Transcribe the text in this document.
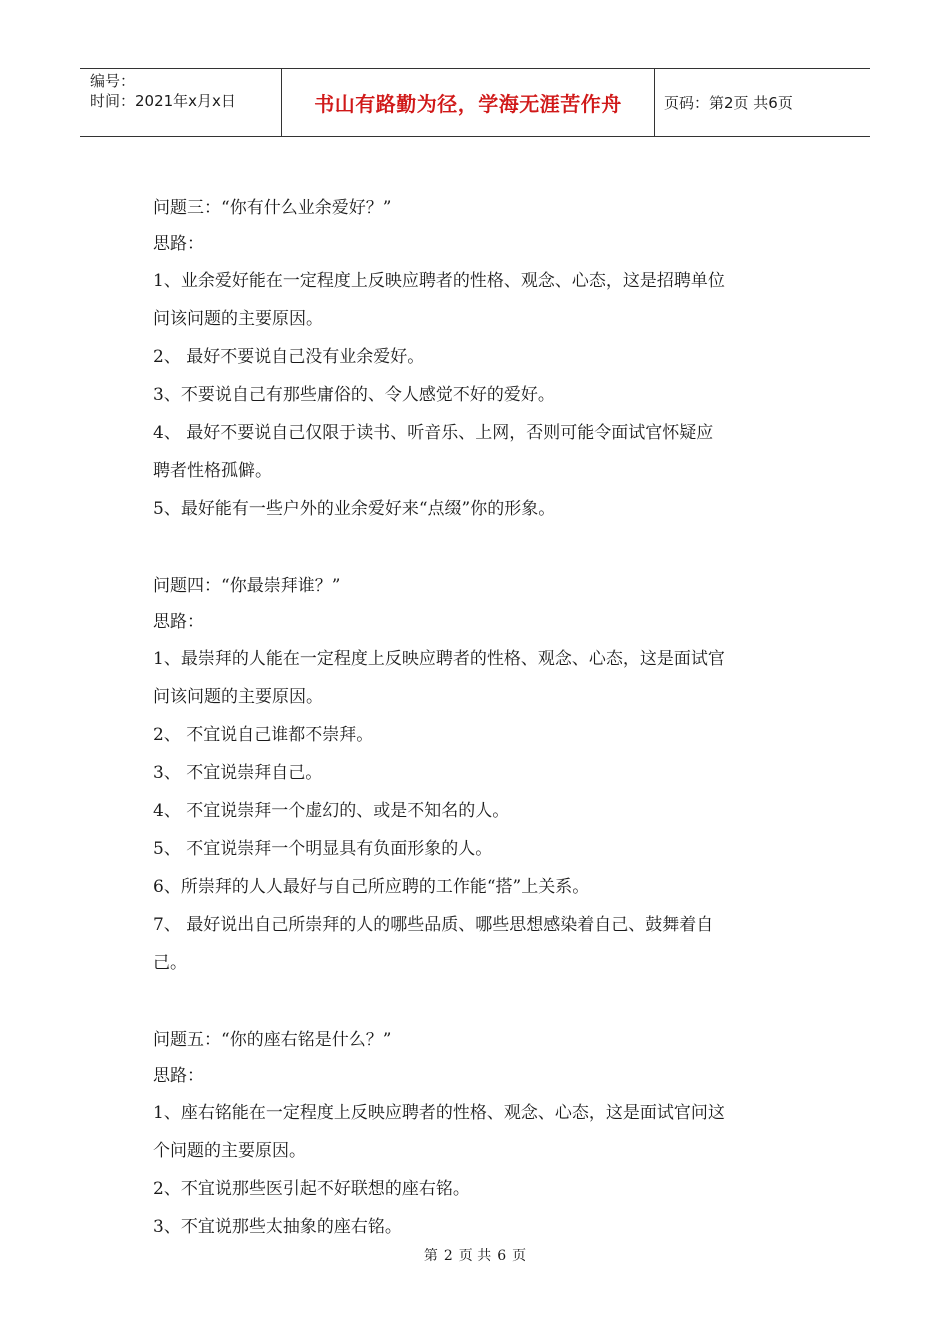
编号：
时间：2021年x月x日	书山有路勤为径，学海无涯苦作舟	页码：第2页 共6页

问题三：“你有什么业余爱好？”

思路：

1、业余爱好能在一定程度上反映应聘者的性格、观念、心态，这是招聘单位

问该问题的主要原因。

2、 最好不要说自己没有业余爱好。

3、不要说自己有那些庸俗的、令人感觉不好的爱好。

4、 最好不要说自己仅限于读书、听音乐、上网，否则可能令面试官怀疑应

聘者性格孤僻。

5、最好能有一些户外的业余爱好来“点缀”你的形象。

问题四：“你最崇拜谁？”

思路：

1、最崇拜的人能在一定程度上反映应聘者的性格、观念、心态，这是面试官

问该问题的主要原因。

2、 不宜说自己谁都不崇拜。

3、 不宜说崇拜自己。

4、 不宜说崇拜一个虚幻的、或是不知名的人。

5、 不宜说崇拜一个明显具有负面形象的人。

6、所崇拜的人人最好与自己所应聘的工作能“搭”上关系。

7、 最好说出自己所崇拜的人的哪些品质、哪些思想感染着自己、鼓舞着自

己。

问题五：“你的座右铭是什么？”

思路：

1、座右铭能在一定程度上反映应聘者的性格、观念、心态，这是面试官问这

个问题的主要原因。

2、不宜说那些医引起不好联想的座右铭。

3、不宜说那些太抽象的座右铭。

第 2 页 共 6 页
